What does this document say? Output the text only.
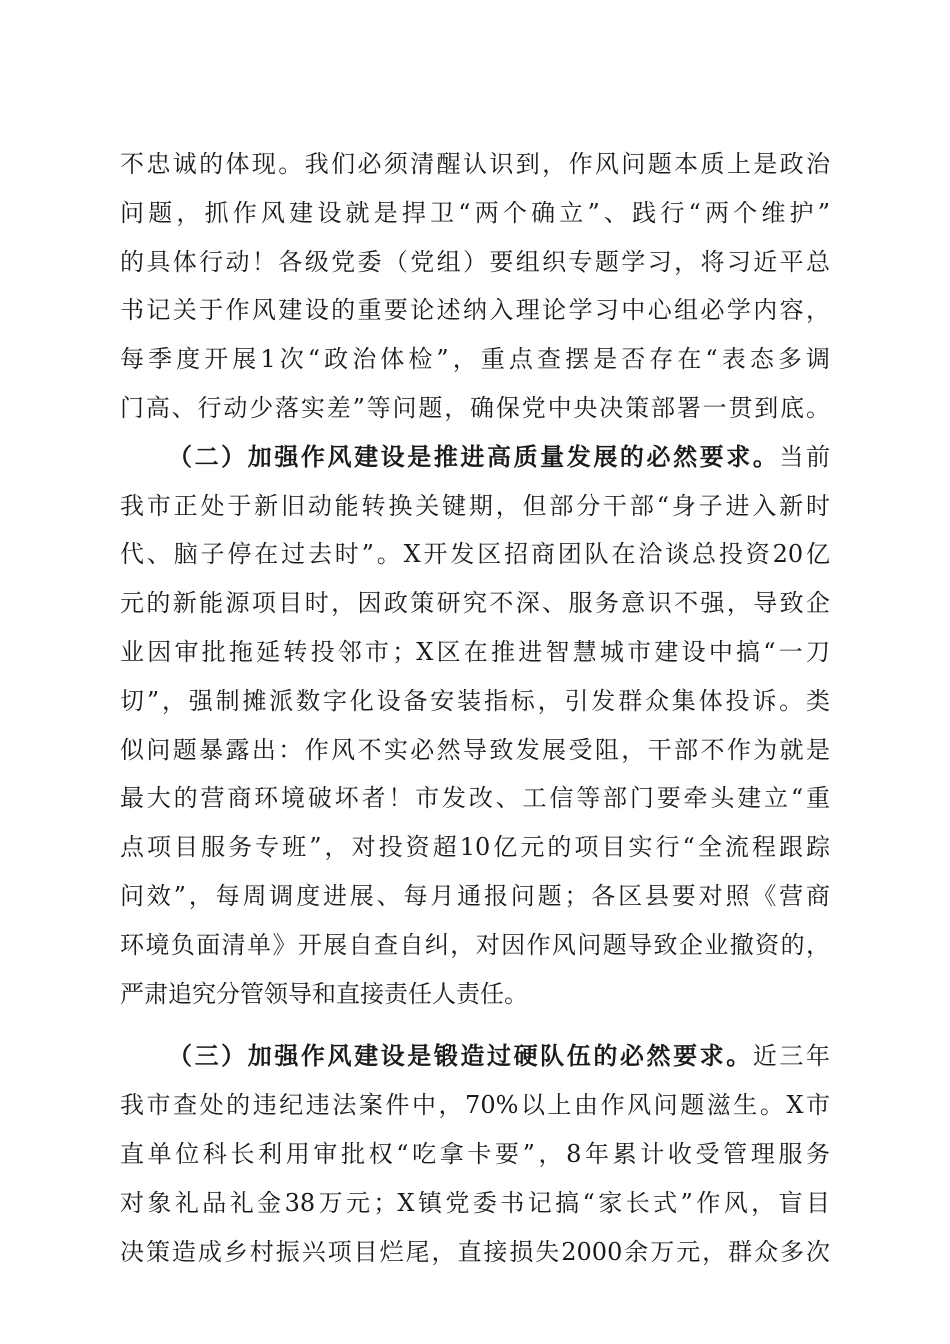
不忠诚的体现。我们必须清醒认识到，作风问题本质上是政治
问题，抓作风建设就是捍卫“两个确立”、践行“两个维护”
的具体行动！各级党委（党组）要组织专题学习，将习近平总
书记关于作风建设的重要论述纳入理论学习中心组必学内容，
每季度开展1次“政治体检”，重点查摆是否存在“表态多调
门高、行动少落实差”等问题，确保党中央决策部署一贯到底。
（二）加强作风建设是推进高质量发展的必然要求。当前
我市正处于新旧动能转换关键期，但部分干部“身子进入新时
代、脑子停在过去时”。X开发区招商团队在洽谈总投资20亿
元的新能源项目时，因政策研究不深、服务意识不强，导致企
业因审批拖延转投邻市；X区在推进智慧城市建设中搞“一刀
切”，强制摊派数字化设备安装指标，引发群众集体投诉。类
似问题暴露出：作风不实必然导致发展受阻，干部不作为就是
最大的营商环境破坏者！市发改、工信等部门要牵头建立“重
点项目服务专班”，对投资超10亿元的项目实行“全流程跟踪
问效”，每周调度进展、每月通报问题；各区县要对照《营商
环境负面清单》开展自查自纠，对因作风问题导致企业撤资的，
严肃追究分管领导和直接责任人责任。
（三）加强作风建设是锻造过硬队伍的必然要求。近三年
我市查处的违纪违法案件中，70%以上由作风问题滋生。X市
直单位科长利用审批权“吃拿卡要”，8年累计收受管理服务
对象礼品礼金38万元；X镇党委书记搞“家长式”作风，盲目
决策造成乡村振兴项目烂尾，直接损失2000余万元，群众多次
